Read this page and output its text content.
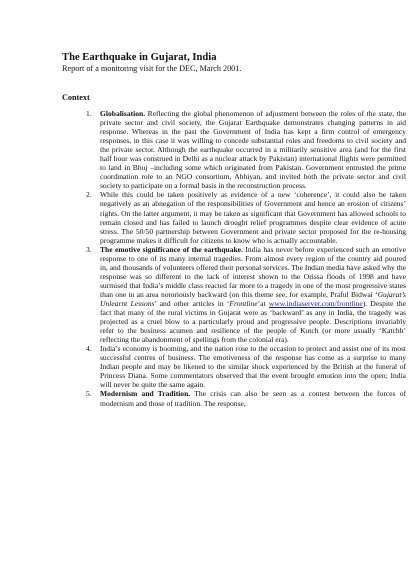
The Earthquake in Gujarat, India
Report of a monitoring visit for the DEC, March 2001.
Context
1. Globalisation. Reflecting the global phenomenon of adjustment between the roles of the state, the private sector and civil society, the Gujarat Earthquake demonstrates changing patterns in aid response. Whereas in the past the Government of India has kept a firm control of emergency responses, in this case it was willing to concede substantial roles and freedoms to civil society and the private sector. Although the earthquake occurred in a militarily sensitive area (and for the first half hour was construed in Delhi as a nuclear attack by Pakistan) international flights were permitted to land in Bhuj –including some which originated from Pakistan. Government entrusted the prime coordination role to an NGO consortium, Abhiyan, and invited both the private sector and civil society to participate on a formal basis in the reconstruction process.
2. While this could be taken positively as evidence of a new ‘coherence’, it could also be taken negatively as an abnegation of the responsibilities of Government and hence an erosion of citizens’ rights. On the latter argument, it may be taken as significant that Government has allowed schools to remain closed and has failed to launch drought relief programmes despite clear evidence of acute stress. The 50/50 partnership between Government and private sector proposed for the re-housing programme makes it difficult for citizens to know who is actually accountable.
3. The emotive significance of the earthquake. India has never before experienced such an emotive response to one of its many internal tragedies. From almost every region of the country aid poured in, and thousands of volunteers offered their personal services. The Indian media have asked why the response was so different to the lack of interest shown to the Orissa floods of 1998 and have surmised that India’s middle class reacted far more to a tragedy in one of the most progressive states than one in an area notoriously backward (on this theme see, for example, Praful Bidwai ‘Gujarat’s Unlearnt Lessons’ and other articles in ‘Frontline’at www.indiaserver.com/frontline). Despite the fact that many of the rural victims in Gujarat were as ‘backward’ as any in India, the tragedy was projected as a cruel blow to a particularly proud and progressive people. Descriptions invariably refer to the business acumen and resilience of the people of Kutch (or more usually ‘Katchh’ reflecting the abandonment of spellings from the colonial era).
4. India’s economy is booming, and the nation rose to the occasion to protect and assist one of its most successful centres of business. The emotiveness of the response has come as a surprise to many Indian people and may be likened to the similar shock experienced by the British at the funeral of Princess Diana. Some commentators observed that the event brought emotion into the open; India will never be quite the same again.
5. Modernism and Tradition. The crisis can also be seen as a contest between the forces of modernism and those of tradition. The response,
